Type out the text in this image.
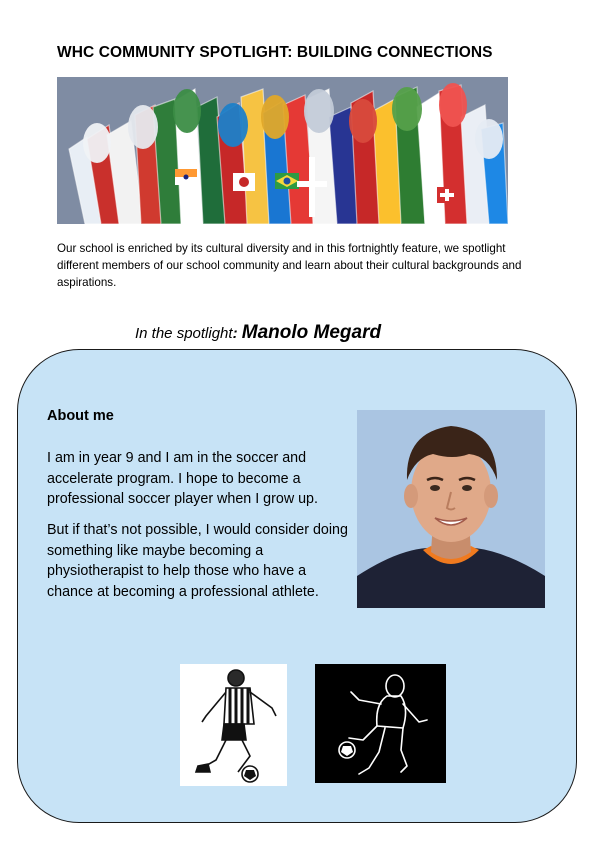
WHC COMMUNITY SPOTLIGHT: BUILDING CONNECTIONS

Our school is enriched by its cultural diversity and in this fortnightly feature, we spotlight different members of our school community and learn about their cultural backgrounds and aspirations.

In the spotlight: Manolo Megard

About me

I am in year 9 and I am in the soccer and accelerate program. I hope to become a professional soccer player when I grow up.

But if that’s not possible, I would consider doing something like maybe becoming a physiotherapist to help those who have a chance at becoming a professional athlete.
